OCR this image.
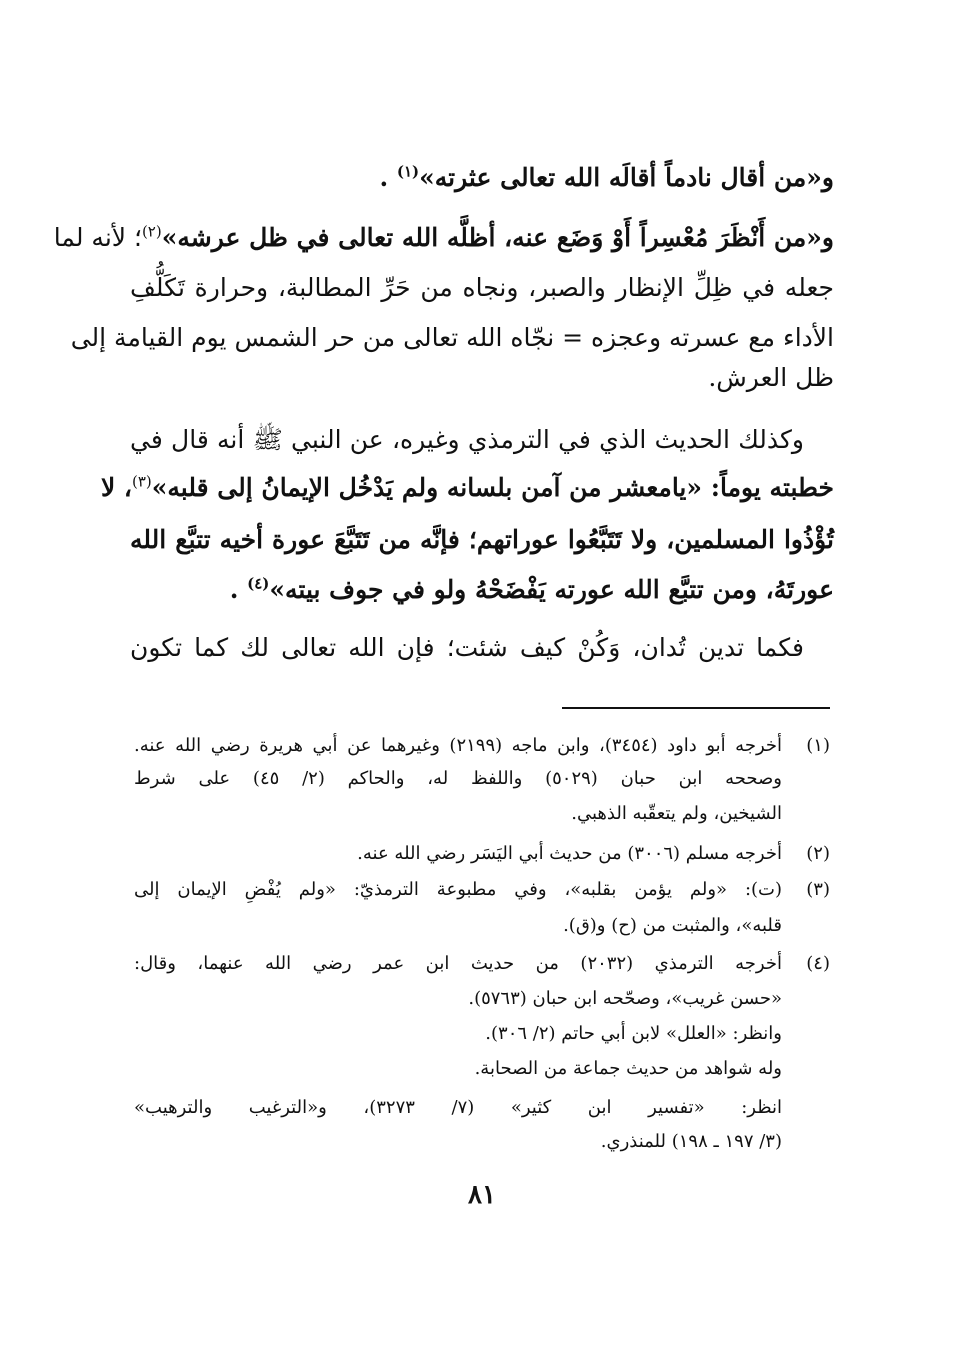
و«من أقال نادماً أقالَه الله تعالى عثرته»$^{(١)}$ .
و«من أَنْظَرَ مُعْسِراً أَوْ وَضَع عنه، أظلَّه الله تعالى في ظل عرشه»$^{(٢)}$؛ لأنه لما
جعله في ظِلِّ الإنظار والصبر، ونجاه من حَرِّ المطالبة، وحرارة تَكَلُّفِ
الأداء مع عسرته وعجزه = نجّاه الله تعالى من حر الشمس يوم القيامة إلى
ظل العرش.
وكذلك الحديث الذي في الترمذي وغيره، عن النبي ﷺ أنه قال في
خطبته يوماً: «يامعشر من آمن بلسانه ولم يَدْخُل الإيمانُ إلى قلبه»$^{(٣)}$، لا
تُؤْذُوا المسلمين، ولا تَتَبَّعُوا عوراتهم؛ فإنَّه من تَتَبَّعَ عورة أخيه تتبَّع الله
عورتَهُ، ومن تتبَّع الله عورته يَفْضَحْهُ ولو في جوف بيته»$^{(٤)}$ .
فكما تدين تُدان، وَكُنْ كيف شئت؛ فإن الله تعالى لك كما تكون
(١)
أخرجه أبو داود (٣٤٥٤)، وابن ماجه (٢١٩٩) وغيرهما عن أبي هريرة رضي الله عنه.
وصححه ابن حبان (٥٠٢٩) واللفظ له، والحاكم (٢/ ٤٥) على شرط
الشيخين، ولم يتعقّبه الذهبي.
(٢)
أخرجه مسلم (٣٠٠٦) من حديث أبي اليَسَر رضي الله عنه.
(٣)
(ت): «ولم يؤمن بقلبه»، وفي مطبوعة الترمذيّ: «ولم يُفْضِ الإيمان إلى
قلبه»، والمثبت من (ح) و(ق).
(٤)
أخرجه الترمذي (٢٠٣٢) من حديث ابن عمر رضي الله عنهما، وقال:
«حسن غريب»، وصحّحه ابن حبان (٥٧٦٣).
وانظر: «العلل» لابن أبي حاتم (٢/ ٣٠٦).
وله شواهد من حديث جماعة من الصحابة.
انظر: «تفسير ابن كثير» (٧/ ٣٢٧٣)، و«الترغيب والترهيب»
(٣/ ١٩٧ ـ ١٩٨) للمنذري.
٨١
